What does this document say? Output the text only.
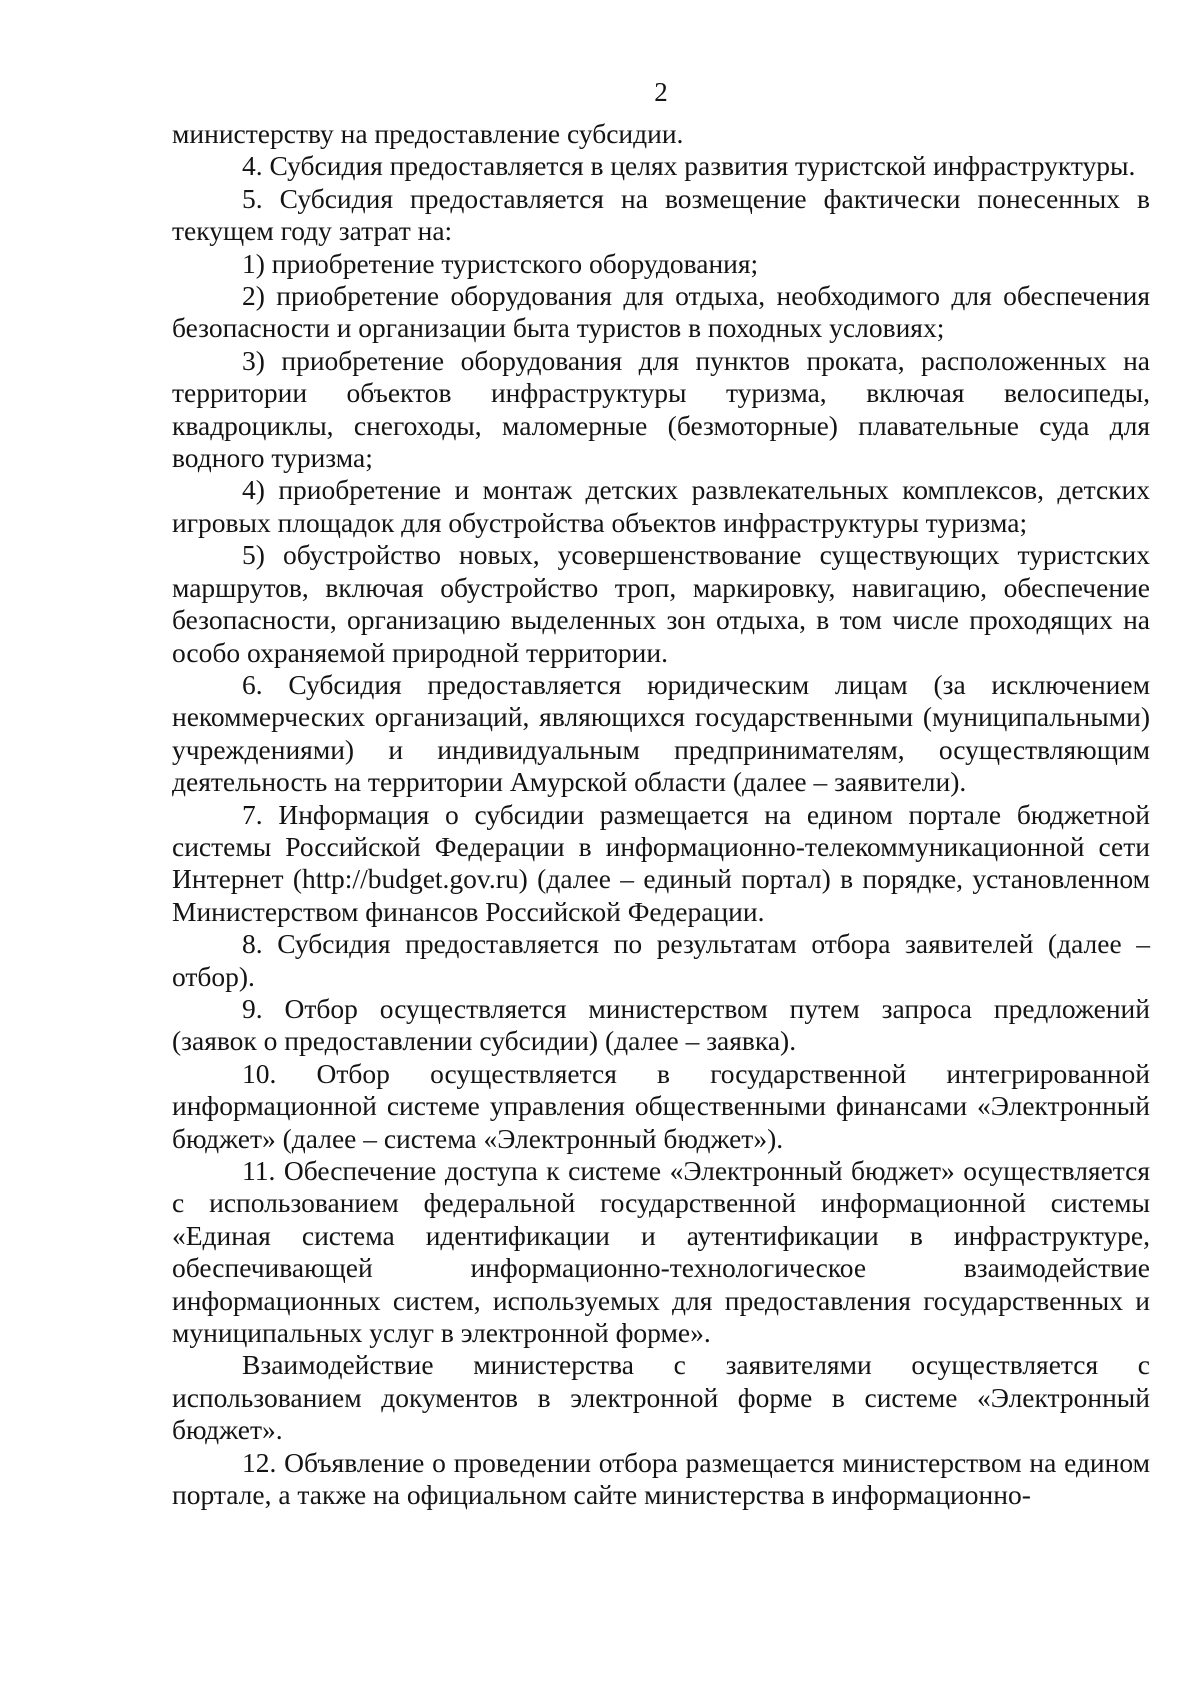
2

министерству на предоставление субсидии.

4. Субсидия предоставляется в целях развития туристской инфраструктуры.

5. Субсидия предоставляется на возмещение фактически понесенных в текущем году затрат на:

1) приобретение туристского оборудования;

2) приобретение оборудования для отдыха, необходимого для обеспечения безопасности и организации быта туристов в походных условиях;

3) приобретение оборудования для пунктов проката, расположенных на территории объектов инфраструктуры туризма, включая велосипеды, квадроциклы, снегоходы, маломерные (безмоторные) плавательные суда для водного туризма;

4) приобретение и монтаж детских развлекательных комплексов, детских игровых площадок для обустройства объектов инфраструктуры туризма;

5) обустройство новых, усовершенствование существующих туристских маршрутов, включая обустройство троп, маркировку, навигацию, обеспечение безопасности, организацию выделенных зон отдыха, в том числе проходящих на особо охраняемой природной территории.

6. Субсидия предоставляется юридическим лицам (за исключением некоммерческих организаций, являющихся государственными (муниципальными) учреждениями) и индивидуальным предпринимателям, осуществляющим деятельность на территории Амурской области (далее – заявители).

7. Информация о субсидии размещается на едином портале бюджетной системы Российской Федерации в информационно-телекоммуникационной сети Интернет (http://budget.gov.ru) (далее – единый портал) в порядке, установленном Министерством финансов Российской Федерации.

8. Субсидия предоставляется по результатам отбора заявителей (далее – отбор).

9. Отбор осуществляется министерством путем запроса предложений (заявок о предоставлении субсидии) (далее – заявка).

10. Отбор осуществляется в государственной интегрированной информационной системе управления общественными финансами «Электронный бюджет» (далее – система «Электронный бюджет»).

11. Обеспечение доступа к системе «Электронный бюджет» осуществляется с использованием федеральной государственной информационной системы «Единая система идентификации и аутентификации в инфраструктуре, обеспечивающей информационно-технологическое взаимодействие информационных систем, используемых для предоставления государственных и муниципальных услуг в электронной форме».

Взаимодействие министерства с заявителями осуществляется с использованием документов в электронной форме в системе «Электронный бюджет».

12. Объявление о проведении отбора размещается министерством на едином портале, а также на официальном сайте министерства в информационно-
